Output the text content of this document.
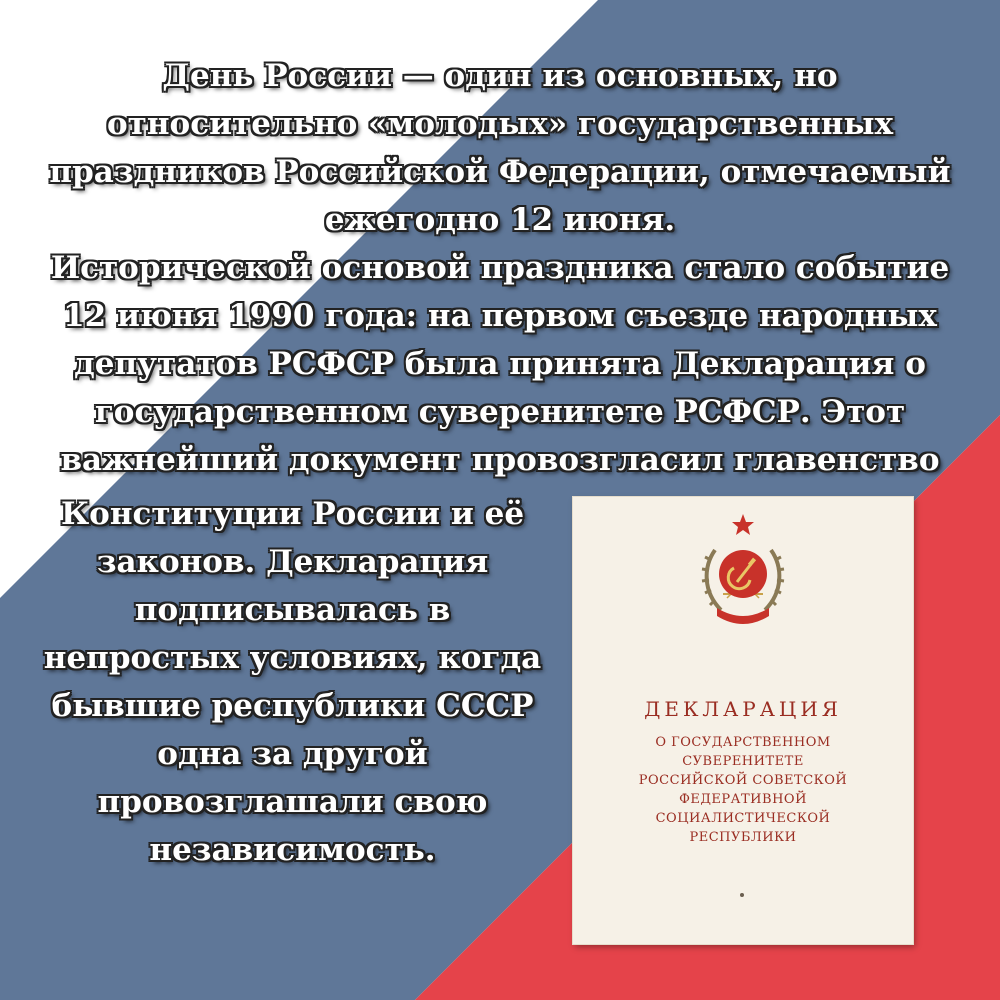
День России — один из основных, но
относительно «молодых» государственных
праздников Российской Федерации, отмечаемый
ежегодно 12 июня.
Исторической основой праздника стало событие
12 июня 1990 года: на первом съезде народных
депутатов РСФСР была принята Декларация о
государственном суверенитете РСФСР. Этот
важнейший документ провозгласил главенство
Конституции России и её
законов. Декларация
подписывалась в
непростых условиях, когда
бывшие республики СССР
одна за другой
провозглашали свою
независимость.
ДЕКЛАРАЦИЯ
О ГОСУДАРСТВЕННОМ
СУВЕРЕНИТЕТЕ
РОССИЙСКОЙ СОВЕТСКОЙ
ФЕДЕРАТИВНОЙ
СОЦИАЛИСТИЧЕСКОЙ
РЕСПУБЛИКИ
